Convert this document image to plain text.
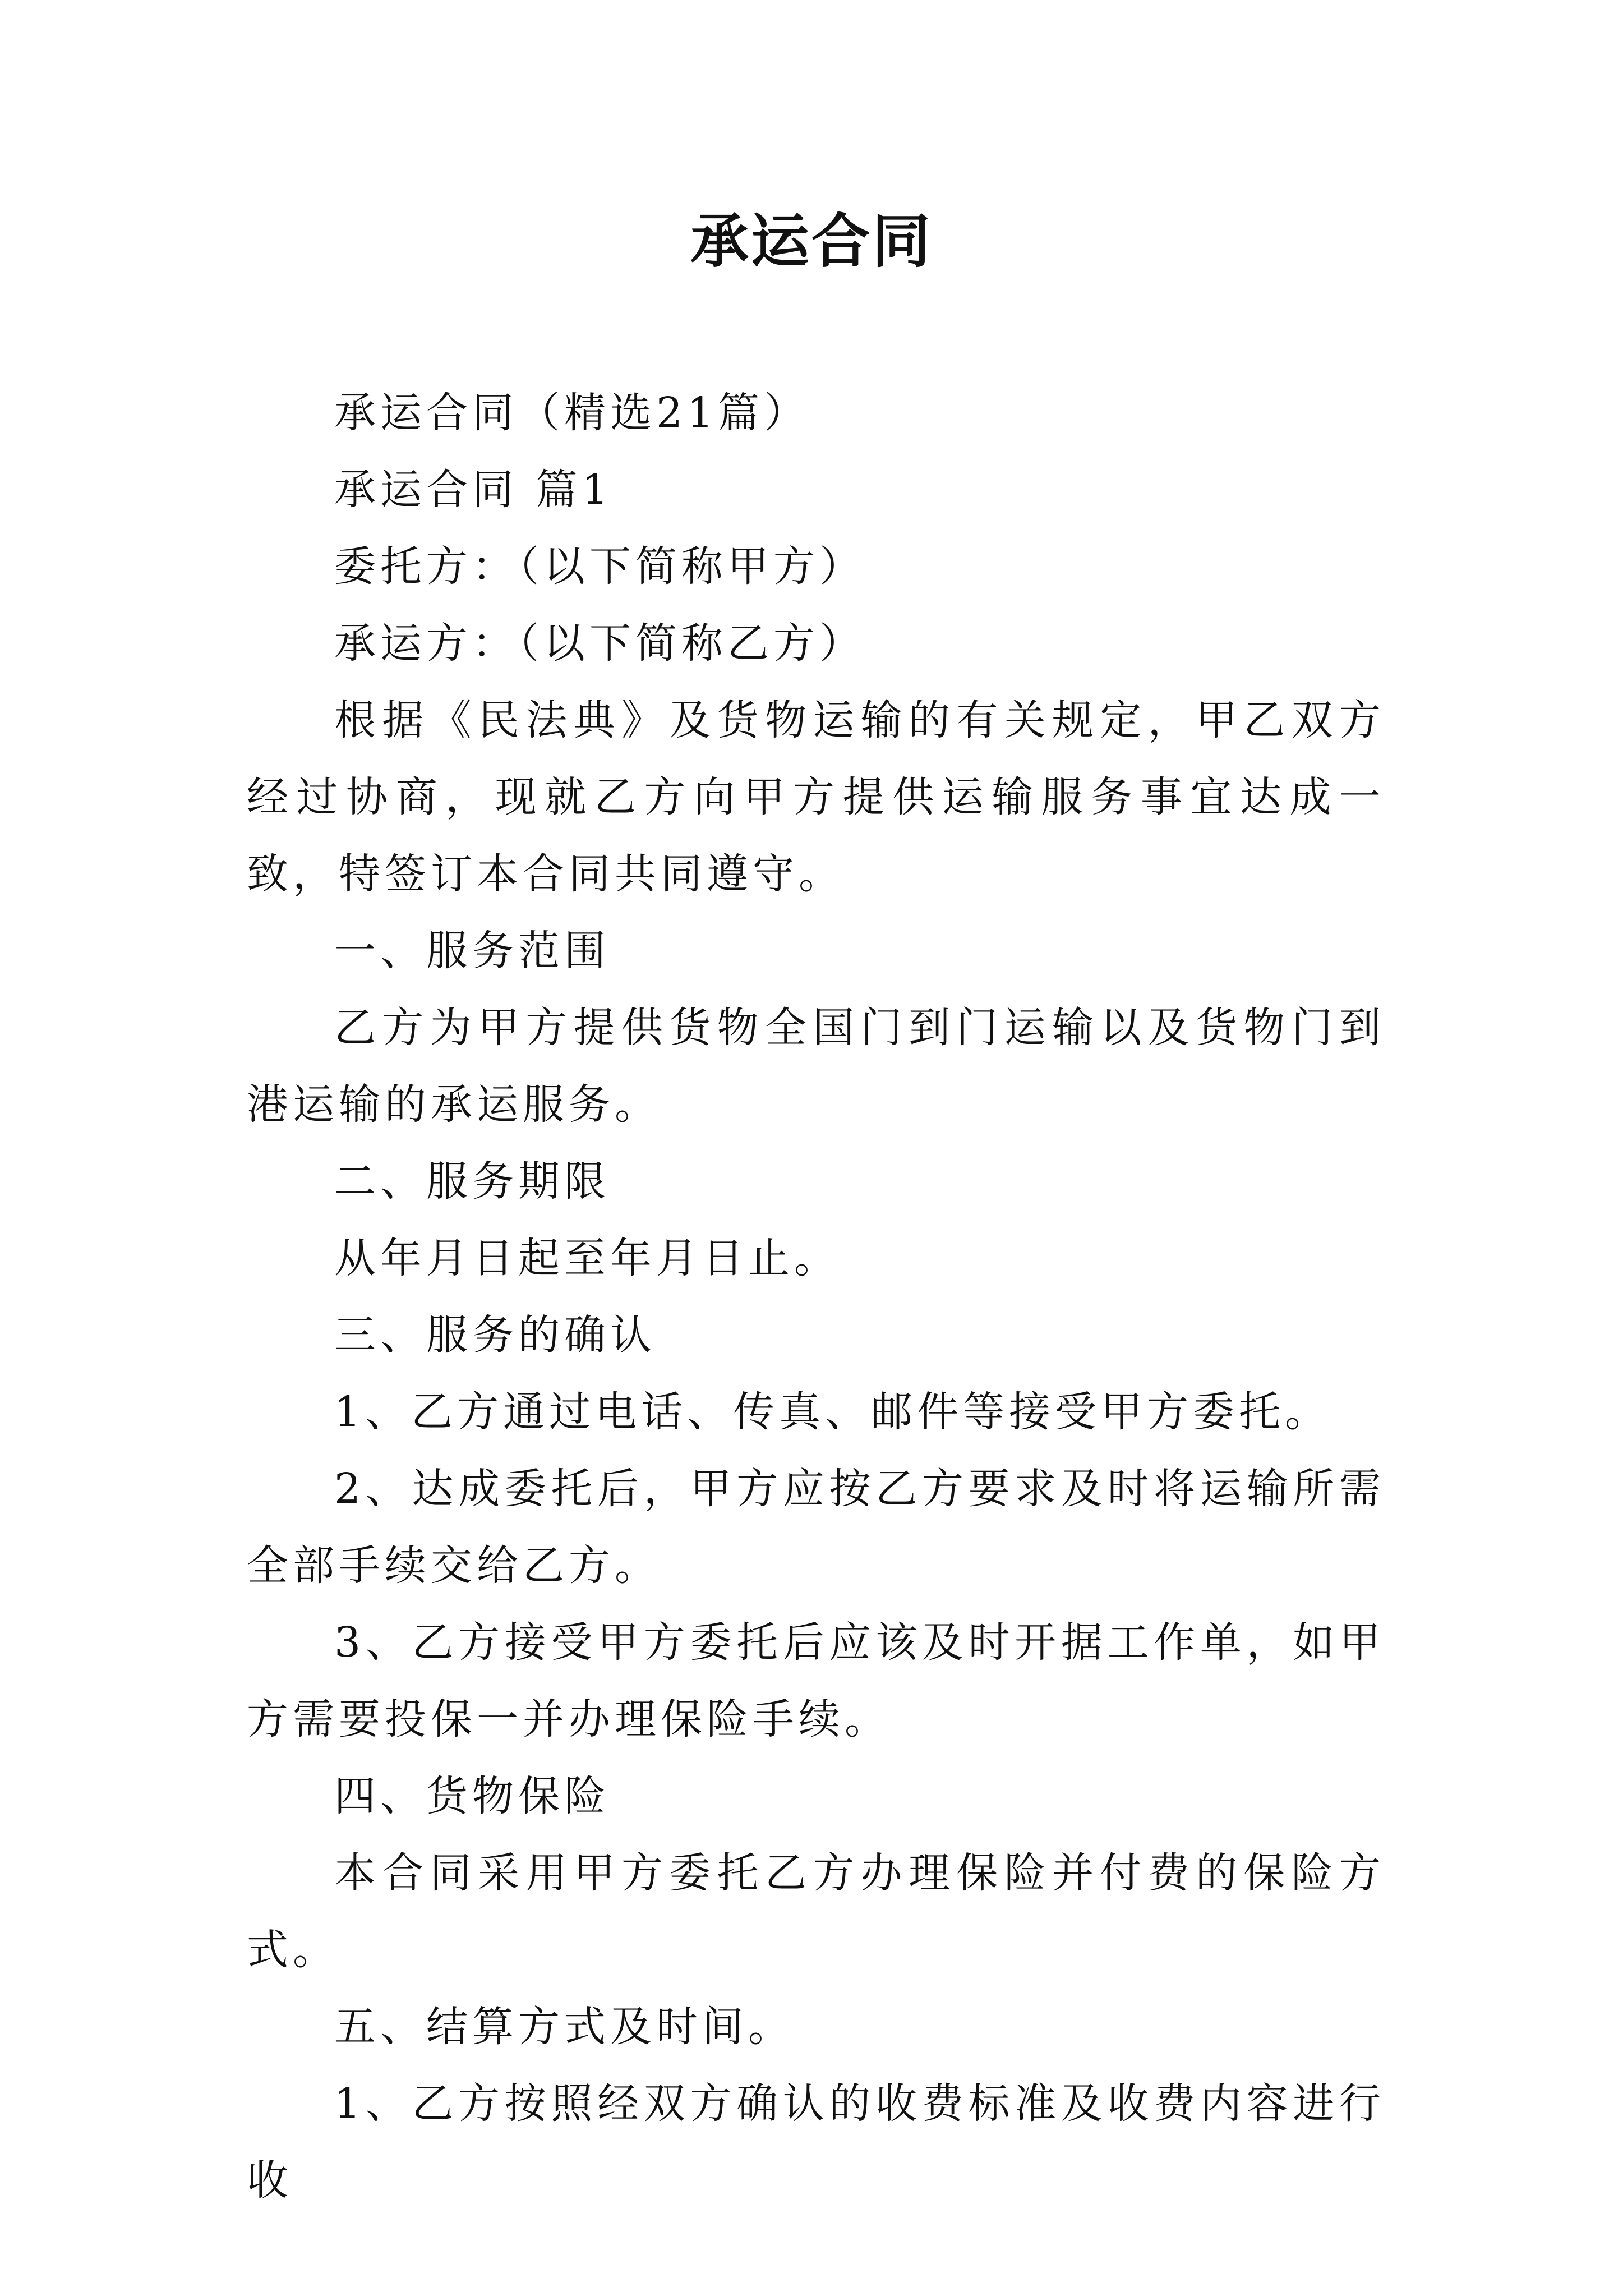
承运合同

承运合同（精选21篇）

承运合同 篇1

委托方：（以下简称甲方）

承运方：（以下简称乙方）

根据《民法典》及货物运输的有关规定，甲乙双方经过协商，现就乙方向甲方提供运输服务事宜达成一致，特签订本合同共同遵守。

一、服务范围

乙方为甲方提供货物全国门到门运输以及货物门到港运输的承运服务。

二、服务期限

从年月日起至年月日止。

三、服务的确认

1、乙方通过电话、传真、邮件等接受甲方委托。

2、达成委托后，甲方应按乙方要求及时将运输所需全部手续交给乙方。

3、乙方接受甲方委托后应该及时开据工作单，如甲方需要投保一并办理保险手续。

四、货物保险

本合同采用甲方委托乙方办理保险并付费的保险方式。

五、结算方式及时间。

1、乙方按照经双方确认的收费标准及收费内容进行收
